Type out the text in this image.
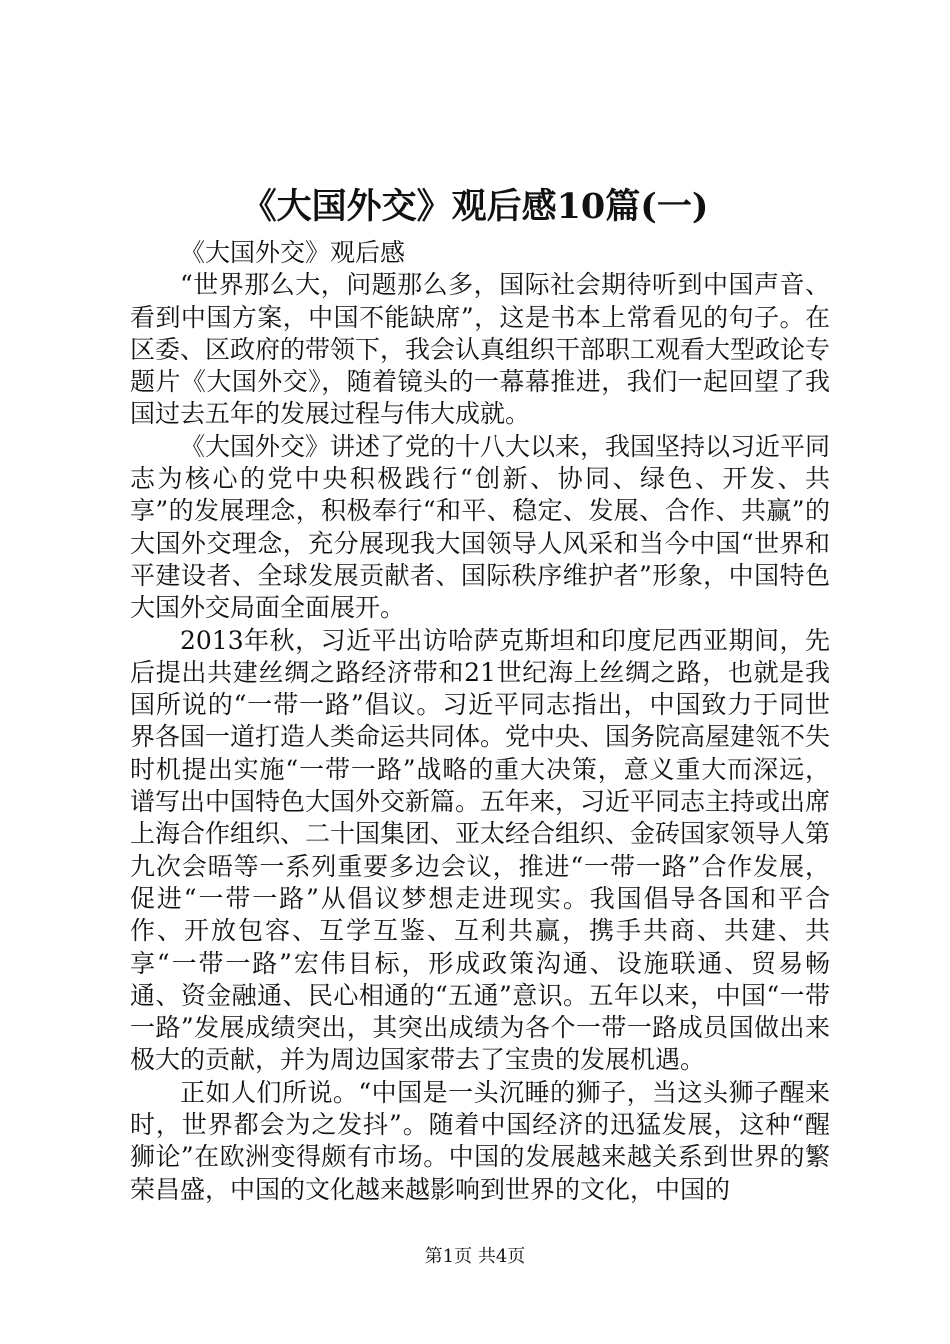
《大国外交》观后感10篇(一)

《大国外交》观后感

“世界那么大，问题那么多，国际社会期待听到中国声音、看到中国方案，中国不能缺席”，这是书本上常看见的句子。在区委、区政府的带领下，我会认真组织干部职工观看大型政论专题片《大国外交》，随着镜头的一幕幕推进，我们一起回望了我国过去五年的发展过程与伟大成就。

《大国外交》讲述了党的十八大以来，我国坚持以习近平同志为核心的党中央积极践行“创新、协同、绿色、开发、共享”的发展理念，积极奉行“和平、稳定、发展、合作、共赢”的大国外交理念，充分展现我大国领导人风采和当今中国“世界和平建设者、全球发展贡献者、国际秩序维护者”形象，中国特色大国外交局面全面展开。

2013年秋，习近平出访哈萨克斯坦和印度尼西亚期间，先后提出共建丝绸之路经济带和21世纪海上丝绸之路，也就是我国所说的“一带一路”倡议。习近平同志指出，中国致力于同世界各国一道打造人类命运共同体。党中央、国务院高屋建瓴不失时机提出实施“一带一路”战略的重大决策，意义重大而深远，谱写出中国特色大国外交新篇。五年来，习近平同志主持或出席上海合作组织、二十国集团、亚太经合组织、金砖国家领导人第九次会晤等一系列重要多边会议，推进“一带一路”合作发展，促进“一带一路”从倡议梦想走进现实。我国倡导各国和平合作、开放包容、互学互鉴、互利共赢，携手共商、共建、共享“一带一路”宏伟目标，形成政策沟通、设施联通、贸易畅通、资金融通、民心相通的“五通”意识。五年以来，中国“一带一路”发展成绩突出，其突出成绩为各个一带一路成员国做出来极大的贡献，并为周边国家带去了宝贵的发展机遇。

正如人们所说。“中国是一头沉睡的狮子，当这头狮子醒来时，世界都会为之发抖”。随着中国经济的迅猛发展，这种“醒狮论”在欧洲变得颇有市场。中国的发展越来越关系到世界的繁荣昌盛，中国的文化越来越影响到世界的文化，中国的

第1页 共4页
